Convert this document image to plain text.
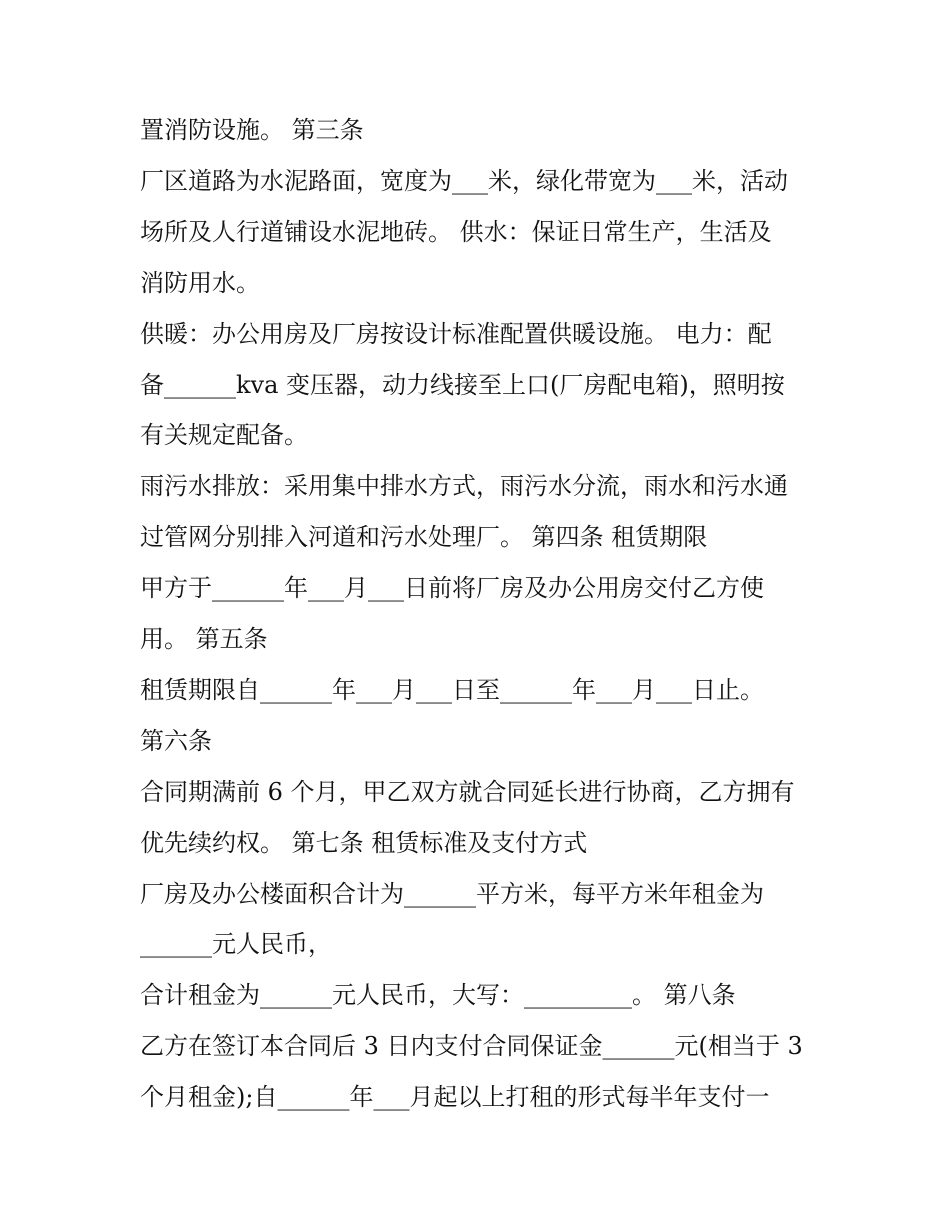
置消防设施。 第三条
厂区道路为水泥路面，宽度为___米，绿化带宽为___米，活动
场所及人行道铺设水泥地砖。 供水：保证日常生产，生活及
消防用水。
供暖：办公用房及厂房按设计标准配置供暖设施。 电力：配
备______kva 变压器，动力线接至上口(厂房配电箱)，照明按
有关规定配备。
雨污水排放：采用集中排水方式，雨污水分流，雨水和污水通
过管网分别排入河道和污水处理厂。 第四条 租赁期限
甲方于______年___月___日前将厂房及办公用房交付乙方使
用。 第五条
租赁期限自______年___月___日至______年___月___日止。
第六条
合同期满前 6 个月，甲乙双方就合同延长进行协商，乙方拥有
优先续约权。 第七条 租赁标准及支付方式
厂房及办公楼面积合计为______平方米，每平方米年租金为
______元人民币，
合计租金为______元人民币，大写：_________。 第八条
乙方在签订本合同后 3 日内支付合同保证金______元(相当于 3
个月租金);自______年___月起以上打租的形式每半年支付一
